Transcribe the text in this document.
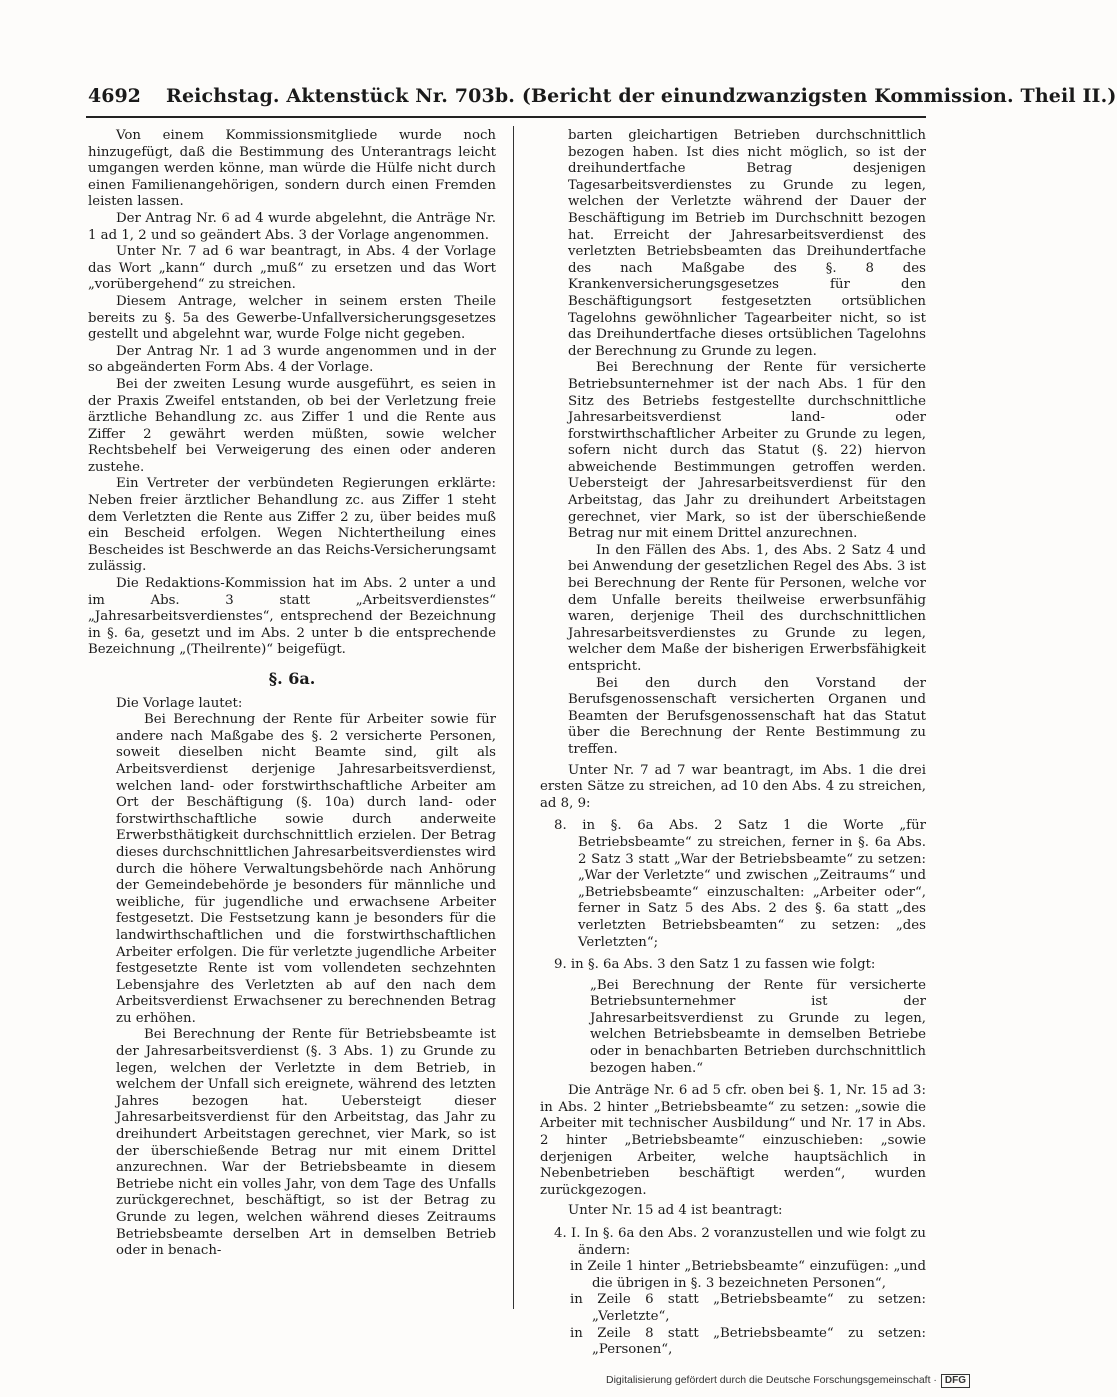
4692 Reichstag. Aktenstück Nr. 703b. (Bericht der einundzwanzigsten Kommission. Theil II.)

Von einem Kommissionsmitgliede wurde noch hinzugefügt, daß die Bestimmung des Unterantrags leicht umgangen werden könne, man würde die Hülfe nicht durch einen Familienangehörigen, sondern durch einen Fremden leisten lassen.

Der Antrag Nr. 6 ad 4 wurde abgelehnt, die Anträge Nr. 1 ad 1, 2 und so geändert Abs. 3 der Vorlage angenommen.

Unter Nr. 7 ad 6 war beantragt, in Abs. 4 der Vorlage das Wort „kann“ durch „muß“ zu ersetzen und das Wort „vorübergehend“ zu streichen.

Diesem Antrage, welcher in seinem ersten Theile bereits zu §. 5a des Gewerbe-Unfallversicherungsgesetzes gestellt und abgelehnt war, wurde Folge nicht gegeben.

Der Antrag Nr. 1 ad 3 wurde angenommen und in der so abgeänderten Form Abs. 4 der Vorlage.

Bei der zweiten Lesung wurde ausgeführt, es seien in der Praxis Zweifel entstanden, ob bei der Verletzung freie ärztliche Behandlung zc. aus Ziffer 1 und die Rente aus Ziffer 2 gewährt werden müßten, sowie welcher Rechtsbehelf bei Verweigerung des einen oder anderen zustehe.

Ein Vertreter der verbündeten Regierungen erklärte: Neben freier ärztlicher Behandlung zc. aus Ziffer 1 steht dem Verletzten die Rente aus Ziffer 2 zu, über beides muß ein Bescheid erfolgen. Wegen Nichtertheilung eines Bescheides ist Beschwerde an das Reichs-Versicherungsamt zulässig.

Die Redaktions-Kommission hat im Abs. 2 unter a und im Abs. 3 statt „Arbeitsverdienstes“ „Jahresarbeitsverdienstes“, entsprechend der Bezeichnung in §. 6a, gesetzt und im Abs. 2 unter b die entsprechende Bezeichnung „(Theilrente)“ beigefügt.

§. 6a.

Die Vorlage lautet:

Bei Berechnung der Rente für Arbeiter sowie für andere nach Maßgabe des §. 2 versicherte Personen, soweit dieselben nicht Beamte sind, gilt als Arbeitsverdienst derjenige Jahresarbeitsverdienst, welchen land- oder forstwirthschaftliche Arbeiter am Ort der Beschäftigung (§. 10a) durch land- oder forstwirthschaftliche sowie durch anderweite Erwerbsthätigkeit durchschnittlich erzielen. Der Betrag dieses durchschnittlichen Jahresarbeitsverdienstes wird durch die höhere Verwaltungsbehörde nach Anhörung der Gemeindebehörde je besonders für männliche und weibliche, für jugendliche und erwachsene Arbeiter festgesetzt. Die Festsetzung kann je besonders für die landwirthschaftlichen und die forstwirthschaftlichen Arbeiter erfolgen. Die für verletzte jugendliche Arbeiter festgesetzte Rente ist vom vollendeten sechzehnten Lebensjahre des Verletzten ab auf den nach dem Arbeitsverdienst Erwachsener zu berechnenden Betrag zu erhöhen.

Bei Berechnung der Rente für Betriebsbeamte ist der Jahresarbeitsverdienst (§. 3 Abs. 1) zu Grunde zu legen, welchen der Verletzte in dem Betrieb, in welchem der Unfall sich ereignete, während des letzten Jahres bezogen hat. Uebersteigt dieser Jahresarbeitsverdienst für den Arbeitstag, das Jahr zu dreihundert Arbeitstagen gerechnet, vier Mark, so ist der überschießende Betrag nur mit einem Drittel anzurechnen. War der Betriebsbeamte in diesem Betriebe nicht ein volles Jahr, von dem Tage des Unfalls zurückgerechnet, beschäftigt, so ist der Betrag zu Grunde zu legen, welchen während dieses Zeitraums Betriebsbeamte derselben Art in demselben Betrieb oder in benach-

barten gleichartigen Betrieben durchschnittlich bezogen haben. Ist dies nicht möglich, so ist der dreihundertfache Betrag desjenigen Tagesarbeitsverdienstes zu Grunde zu legen, welchen der Verletzte während der Dauer der Beschäftigung im Betrieb im Durchschnitt bezogen hat. Erreicht der Jahresarbeitsverdienst des verletzten Betriebsbeamten das Dreihundertfache des nach Maßgabe des §. 8 des Krankenversicherungsgesetzes für den Beschäftigungsort festgesetzten ortsüblichen Tagelohns gewöhnlicher Tagearbeiter nicht, so ist das Dreihundertfache dieses ortsüblichen Tagelohns der Berechnung zu Grunde zu legen.

Bei Berechnung der Rente für versicherte Betriebsunternehmer ist der nach Abs. 1 für den Sitz des Betriebs festgestellte durchschnittliche Jahresarbeitsverdienst land- oder forstwirthschaftlicher Arbeiter zu Grunde zu legen, sofern nicht durch das Statut (§. 22) hiervon abweichende Bestimmungen getroffen werden. Uebersteigt der Jahresarbeitsverdienst für den Arbeitstag, das Jahr zu dreihundert Arbeitstagen gerechnet, vier Mark, so ist der überschießende Betrag nur mit einem Drittel anzurechnen.

In den Fällen des Abs. 1, des Abs. 2 Satz 4 und bei Anwendung der gesetzlichen Regel des Abs. 3 ist bei Berechnung der Rente für Personen, welche vor dem Unfalle bereits theilweise erwerbsunfähig waren, derjenige Theil des durchschnittlichen Jahresarbeitsverdienstes zu Grunde zu legen, welcher dem Maße der bisherigen Erwerbsfähigkeit entspricht.

Bei den durch den Vorstand der Berufsgenossenschaft versicherten Organen und Beamten der Berufsgenossenschaft hat das Statut über die Berechnung der Rente Bestimmung zu treffen.

Unter Nr. 7 ad 7 war beantragt, im Abs. 1 die drei ersten Sätze zu streichen, ad 10 den Abs. 4 zu streichen, ad 8, 9:

8. in §. 6a Abs. 2 Satz 1 die Worte „für Betriebsbeamte“ zu streichen, ferner in §. 6a Abs. 2 Satz 3 statt „War der Betriebsbeamte“ zu setzen: „War der Verletzte“ und zwischen „Zeitraums“ und „Betriebsbeamte“ einzuschalten: „Arbeiter oder“, ferner in Satz 5 des Abs. 2 des §. 6a statt „des verletzten Betriebsbeamten“ zu setzen: „des Verletzten“;

9. in §. 6a Abs. 3 den Satz 1 zu fassen wie folgt:

„Bei Berechnung der Rente für versicherte Betriebsunternehmer ist der Jahresarbeitsverdienst zu Grunde zu legen, welchen Betriebsbeamte in demselben Betriebe oder in benachbarten Betrieben durchschnittlich bezogen haben.“

Die Anträge Nr. 6 ad 5 cfr. oben bei §. 1, Nr. 15 ad 3: in Abs. 2 hinter „Betriebsbeamte“ zu setzen: „sowie die Arbeiter mit technischer Ausbildung“ und Nr. 17 in Abs. 2 hinter „Betriebsbeamte“ einzuschieben: „sowie derjenigen Arbeiter, welche hauptsächlich in Nebenbetrieben beschäftigt werden“, wurden zurückgezogen.

Unter Nr. 15 ad 4 ist beantragt:

4. I. In §. 6a den Abs. 2 voranzustellen und wie folgt zu ändern:

in Zeile 1 hinter „Betriebsbeamte“ einzufügen: „und die übrigen in §. 3 bezeichneten Personen“,

in Zeile 6 statt „Betriebsbeamte“ zu setzen: „Verletzte“,

in Zeile 8 statt „Betriebsbeamte“ zu setzen: „Personen“,

Digitalisierung gefördert durch die Deutsche Forschungsgemeinschaft · DFG
